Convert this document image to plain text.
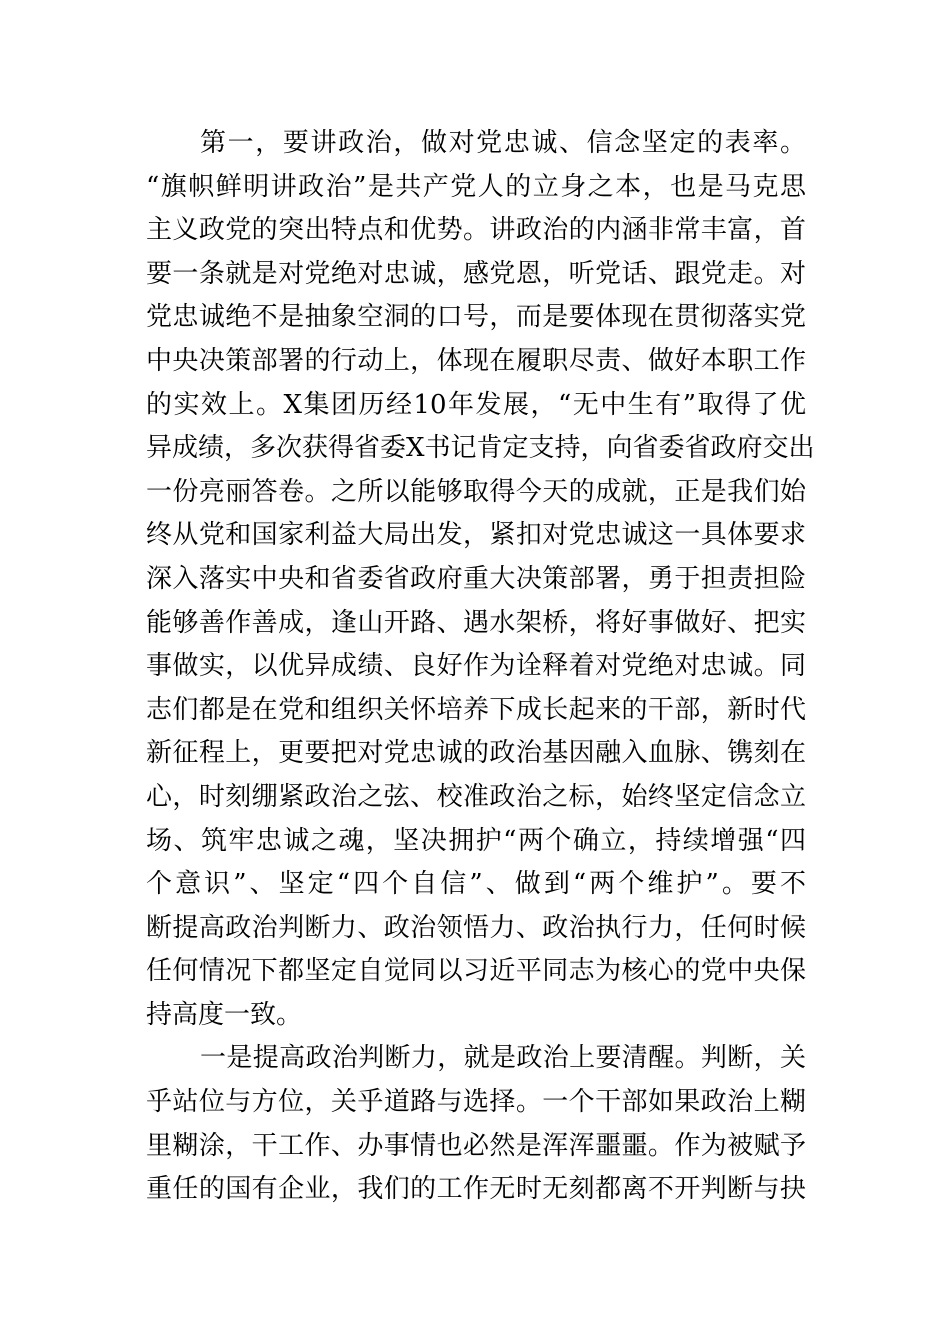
第一，要讲政治，做对党忠诚、信念坚定的表率。
“旗帜鲜明讲政治”是共产党人的立身之本，也是马克思
主义政党的突出特点和优势。讲政治的内涵非常丰富，首
要一条就是对党绝对忠诚，感党恩，听党话、跟党走。对
党忠诚绝不是抽象空洞的口号，而是要体现在贯彻落实党
中央决策部署的行动上，体现在履职尽责、做好本职工作
的实效上。X集团历经10年发展，“无中生有”取得了优
异成绩，多次获得省委X书记肯定支持，向省委省政府交出
一份亮丽答卷。之所以能够取得今天的成就，正是我们始
终从党和国家利益大局出发，紧扣对党忠诚这一具体要求
深入落实中央和省委省政府重大决策部署，勇于担责担险
能够善作善成，逢山开路、遇水架桥，将好事做好、把实
事做实，以优异成绩、良好作为诠释着对党绝对忠诚。同
志们都是在党和组织关怀培养下成长起来的干部，新时代
新征程上，更要把对党忠诚的政治基因融入血脉、镌刻在
心，时刻绷紧政治之弦、校准政治之标，始终坚定信念立
场、筑牢忠诚之魂，坚决拥护“两个确立，持续增强“四
个意识”、坚定“四个自信”、做到“两个维护”。要不
断提高政治判断力、政治领悟力、政治执行力，任何时候
任何情况下都坚定自觉同以习近平同志为核心的党中央保
持高度一致。
一是提高政治判断力，就是政治上要清醒。判断，关
乎站位与方位，关乎道路与选择。一个干部如果政治上糊
里糊涂，干工作、办事情也必然是浑浑噩噩。作为被赋予
重任的国有企业，我们的工作无时无刻都离不开判断与抉
